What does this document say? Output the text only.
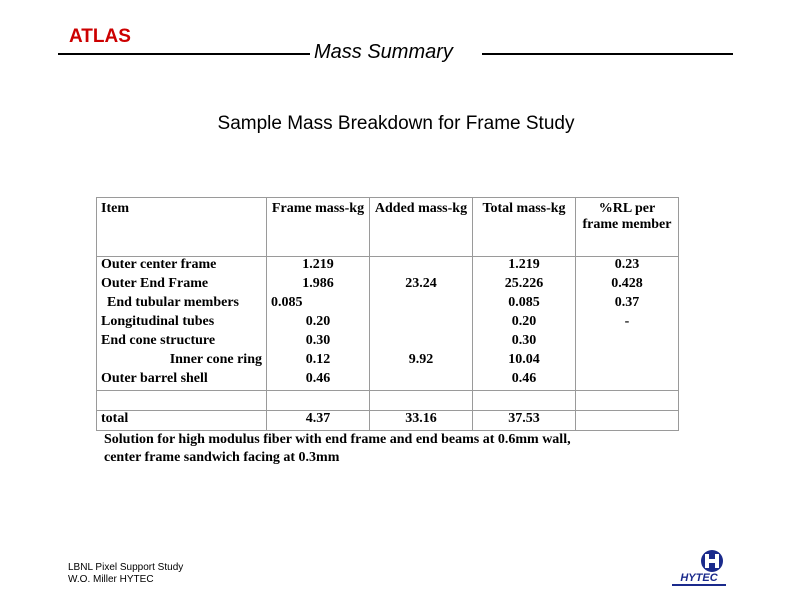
ATLAS
Mass Summary
Sample Mass Breakdown for Frame Study
Item	Frame mass-kg	Added mass-kg	Total mass-kg	%RL per frame member
Outer center frame	1.219		1.219	0.23
Outer End Frame	1.986	23.24	25.226	0.428
End tubular members	0.085		0.085	0.37
Longitudinal tubes	0.20		0.20	-
End cone structure	0.30		0.30	
Inner cone ring	0.12	9.92	10.04	
Outer barrel shell	0.46		0.46	

total	4.37	33.16	37.53	
Solution for high modulus fiber with end frame and end beams at 0.6mm wall,
center frame sandwich facing at 0.3mm
LBNL Pixel Support Study
W.O. Miller HYTEC	HYTEC
